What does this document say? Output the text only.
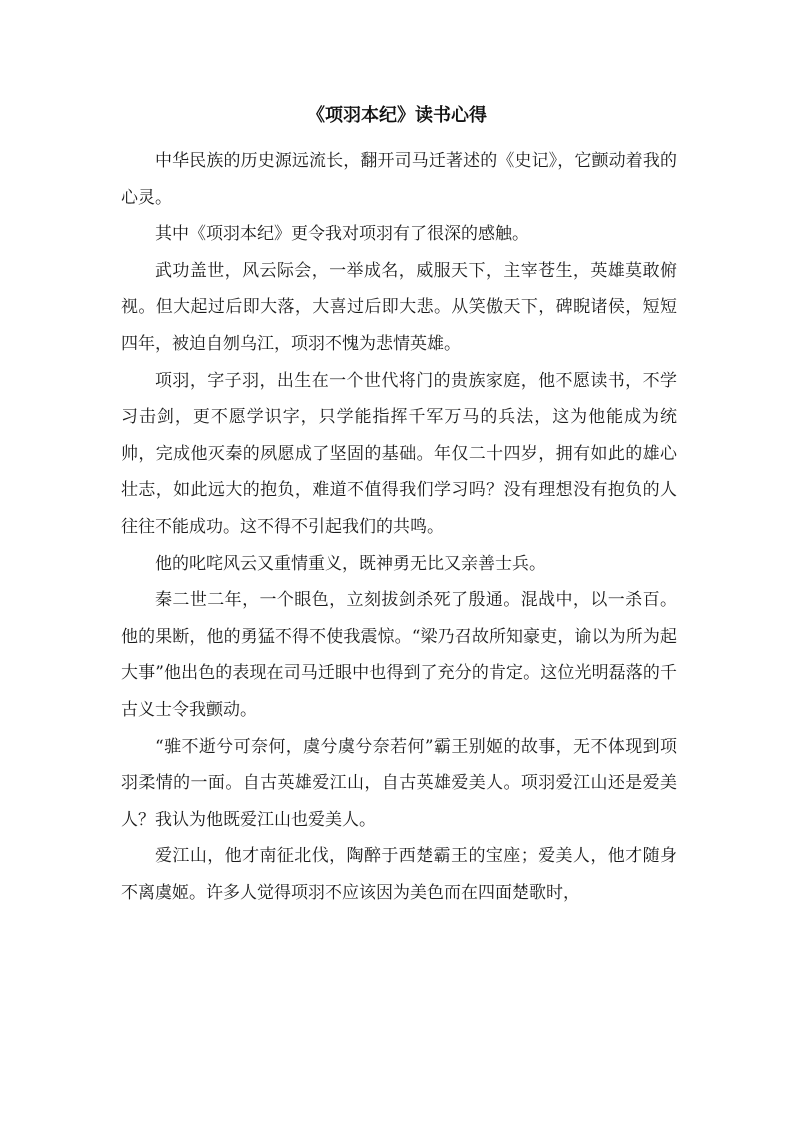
《项羽本纪》读书心得

中华民族的历史源远流长，翻开司马迁著述的《史记》，它颤动着我的心灵。

其中《项羽本纪》更令我对项羽有了很深的感触。

武功盖世，风云际会，一举成名，威服天下，主宰苍生，英雄莫敢俯视。但大起过后即大落，大喜过后即大悲。从笑傲天下，碑睨诸侯，短短四年，被迫自刎乌江，项羽不愧为悲情英雄。

项羽，字子羽，出生在一个世代将门的贵族家庭，他不愿读书，不学习击剑，更不愿学识字，只学能指挥千军万马的兵法，这为他能成为统帅，完成他灭秦的夙愿成了坚固的基础。年仅二十四岁，拥有如此的雄心壮志，如此远大的抱负，难道不值得我们学习吗？没有理想没有抱负的人往往不能成功。这不得不引起我们的共鸣。

他的叱咤风云又重情重义，既神勇无比又亲善士兵。

秦二世二年，一个眼色，立刻拔剑杀死了殷通。混战中，以一杀百。他的果断，他的勇猛不得不使我震惊。“梁乃召故所知豪吏，谕以为所为起大事”他出色的表现在司马迁眼中也得到了充分的肯定。这位光明磊落的千古义士令我颤动。

“骓不逝兮可奈何，虞兮虞兮奈若何”霸王别姬的故事，无不体现到项羽柔情的一面。自古英雄爱江山，自古英雄爱美人。项羽爱江山还是爱美人？我认为他既爱江山也爱美人。

爱江山，他才南征北伐，陶醉于西楚霸王的宝座；爱美人，他才随身不离虞姬。许多人觉得项羽不应该因为美色而在四面楚歌时，
